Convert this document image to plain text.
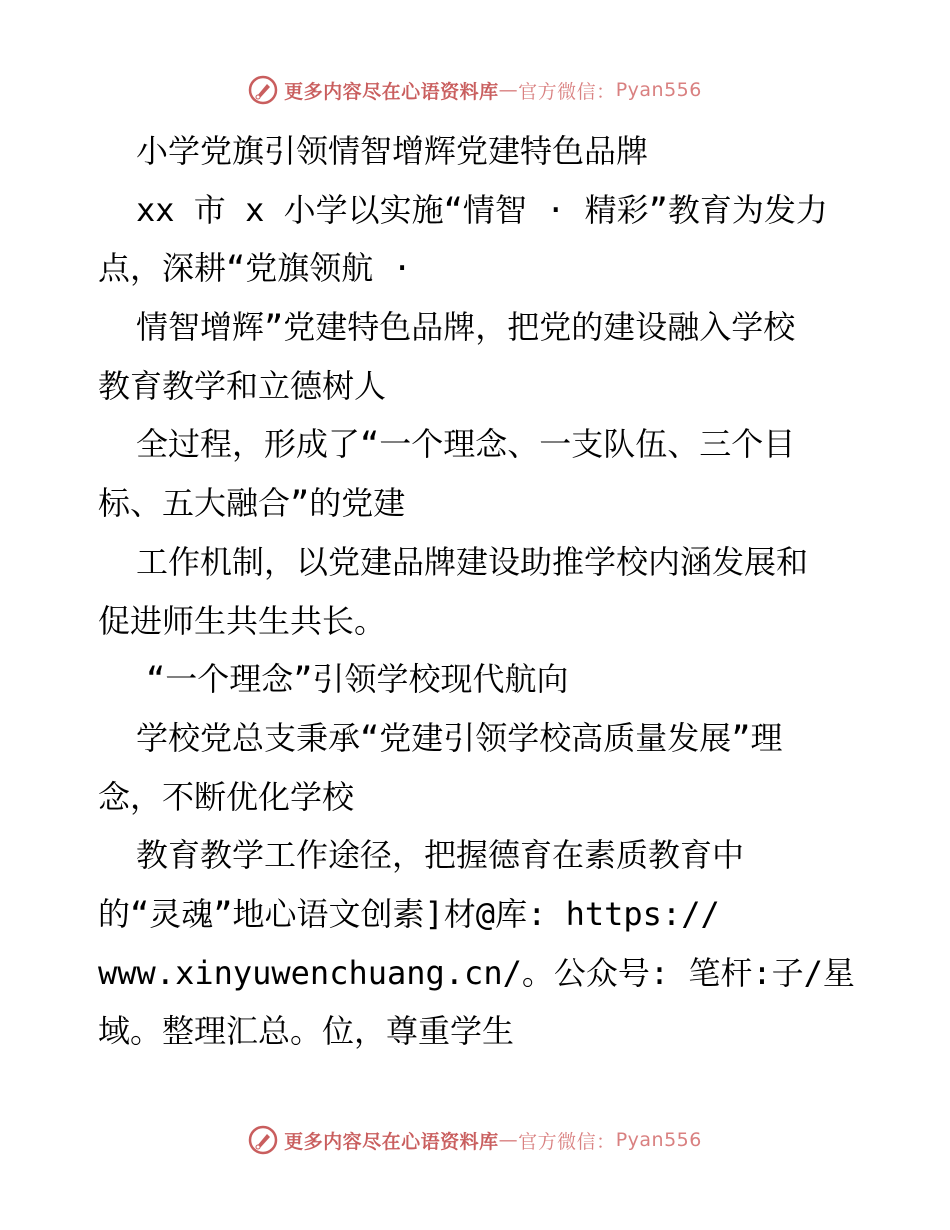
更多内容尽在心语资料库 — 官方微信： Pyan556
小学党旗引领情智增辉党建特色品牌
xx 市 x 小学以实施“情智 · 精彩”教育为发力
点，深耕“党旗领航 ·
情智增辉”党建特色品牌，把党的建设融入学校
教育教学和立德树人
全过程，形成了“一个理念、一支队伍、三个目
标、五大融合”的党建
工作机制，以党建品牌建设助推学校内涵发展和
促进师生共生共长。
“一个理念”引领学校现代航向
学校党总支秉承“党建引领学校高质量发展”理
念，不断优化学校
教育教学工作途径，把握德育在素质教育中
的“灵魂”地心语文创素]材@库: https://
www.xinyuwenchuang.cn/。公众号: 笔杆:子/星
域。整理汇总。位，尊重学生
更多内容尽在心语资料库 — 官方微信： Pyan556
